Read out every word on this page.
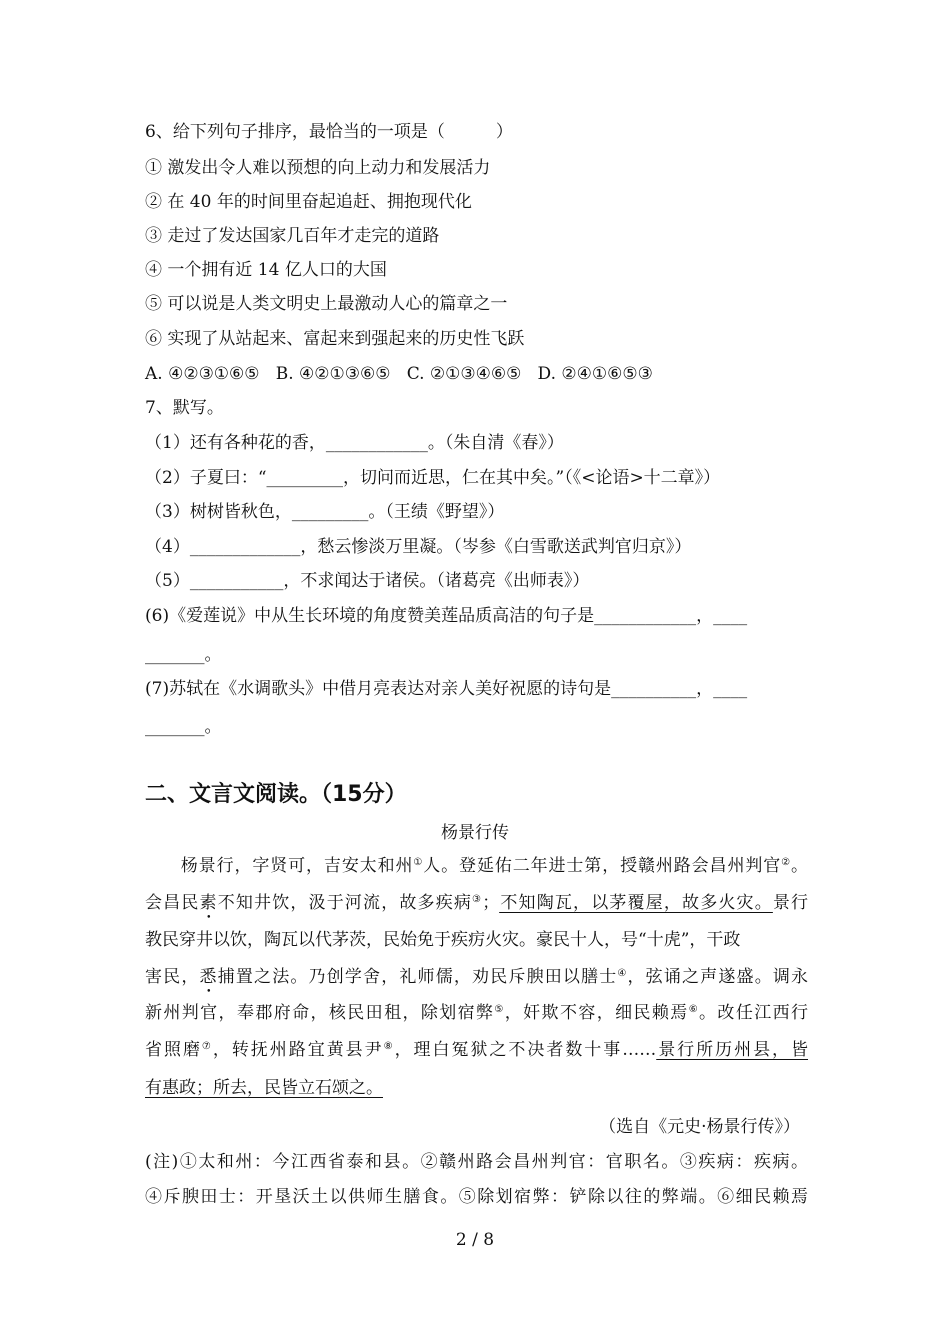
6、给下列句子排序，最恰当的一项是（　　　）
① 激发出令人难以预想的向上动力和发展活力
② 在 40 年的时间里奋起追赶、拥抱现代化
③ 走过了发达国家几百年才走完的道路
④ 一个拥有近 14 亿人口的大国
⑤ 可以说是人类文明史上最激动人心的篇章之一
⑥ 实现了从站起来、富起来到强起来的历史性飞跃
A. ④②③①⑥⑤   B. ④②①③⑥⑤   C. ②①③④⑥⑤   D. ②④①⑥⑤③
7、默写。
（1）还有各种花的香，____________。（朱自清《春》）
（2）子夏曰：“_________，切问而近思，仁在其中矣。”（《<论语>十二章》）
（3）树树皆秋色，_________。（王绩《野望》）
（4）_____________，愁云惨淡万里凝。（岑参《白雪歌送武判官归京》）
（5）___________，不求闻达于诸侯。（诸葛亮《出师表》）
(6)《爱莲说》中从生长环境的角度赞美莲品质高洁的句子是____________，____
_______。
(7)苏轼在《水调歌头》中借月亮表达对亲人美好祝愿的诗句是__________，____
_______。
二、文言文阅读。（15分）
杨景行传
　　杨景行，字贤可，吉安太和州①人。登延佑二年进士第，授赣州路会昌州判官②。
会昌民素不知井饮，汲于河流，故多疾病③；不知陶瓦，以茅覆屋，故多火灾。景行
教民穿井以饮，陶瓦以代茅茨，民始免于疾疠火灾。豪民十人，号“十虎”，干政
害民，悉捕置之法。乃创学舍，礼师儒，劝民斥腴田以膳士④，弦诵之声遂盛。调永
新州判官，奉郡府命，核民田租，除划宿弊⑤，奸欺不容，细民赖焉⑥。改任江西行
省照磨⑦，转抚州路宜黄县尹⑧，理白冤狱之不决者数十事……景行所历州县，皆
有惠政；所去，民皆立石颂之。
（选自《元史·杨景行传》）
(注)①太和州：今江西省泰和县。②赣州路会昌州判官：官职名。③疾病：疾病。
④斥腴田士：开垦沃土以供师生膳食。⑤除划宿弊：铲除以往的弊端。⑥细民赖焉
2 / 8
